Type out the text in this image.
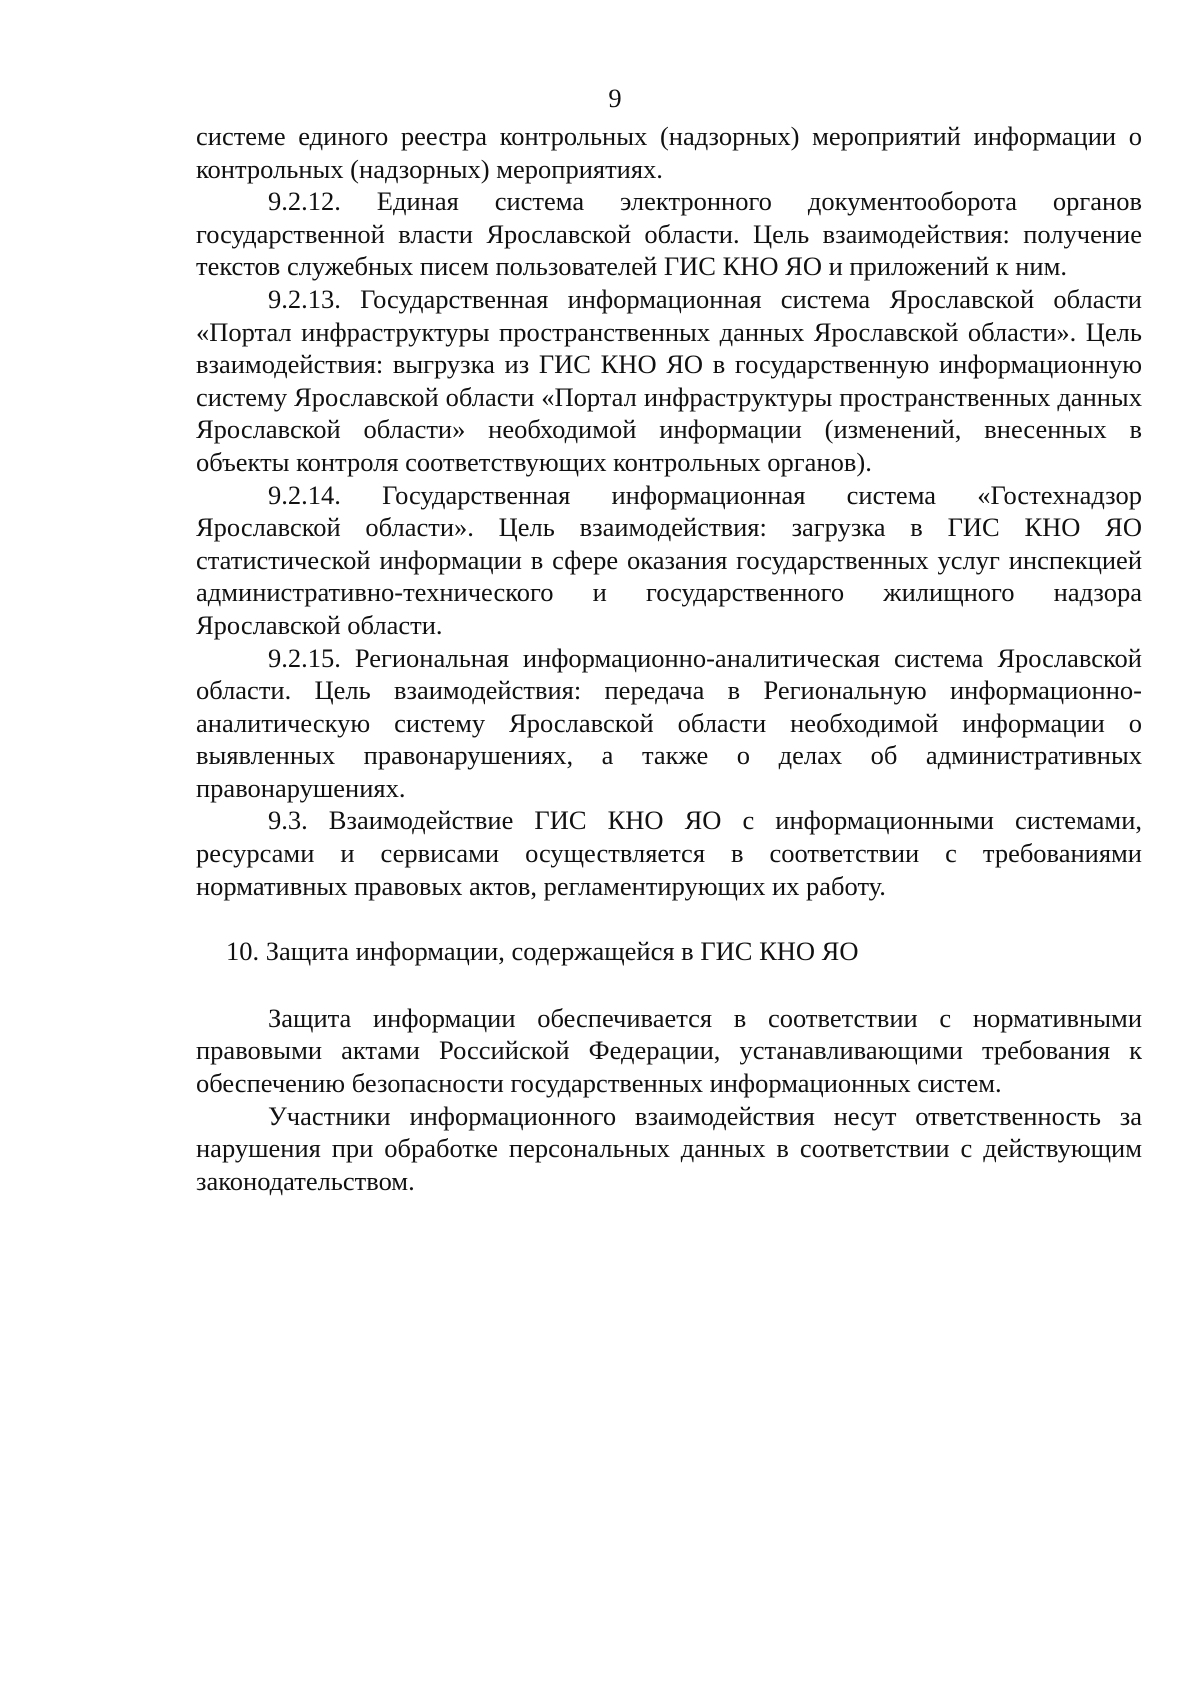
9

системе единого реестра контрольных (надзорных) мероприятий информации о контрольных (надзорных) мероприятиях.

9.2.12. Единая система электронного документооборота органов государственной власти Ярославской области. Цель взаимодействия: получение текстов служебных писем пользователей ГИС КНО ЯО и приложений к ним.

9.2.13. Государственная информационная система Ярославской области «Портал инфраструктуры пространственных данных Ярославской области». Цель взаимодействия: выгрузка из ГИС КНО ЯО в государственную информационную систему Ярославской области «Портал инфраструктуры пространственных данных Ярославской области» необходимой информации (изменений, внесенных в объекты контроля соответствующих контрольных органов).

9.2.14. Государственная информационная система «Гостехнадзор Ярославской области». Цель взаимодействия: загрузка в ГИС КНО ЯО статистической информации в сфере оказания государственных услуг инспекцией административно-технического и государственного жилищного надзора Ярославской области.

9.2.15. Региональная информационно-аналитическая система Ярославской области. Цель взаимодействия: передача в Региональную информационно-аналитическую систему Ярославской области необходимой информации о выявленных правонарушениях, а также о делах об административных правонарушениях.

9.3. Взаимодействие ГИС КНО ЯО с информационными системами, ресурсами и сервисами осуществляется в соответствии с требованиями нормативных правовых актов, регламентирующих их работу.

10. Защита информации, содержащейся в ГИС КНО ЯО

Защита информации обеспечивается в соответствии с нормативными правовыми актами Российской Федерации, устанавливающими требования к обеспечению безопасности государственных информационных систем.

Участники информационного взаимодействия несут ответственность за нарушения при обработке персональных данных в соответствии с действующим законодательством.
